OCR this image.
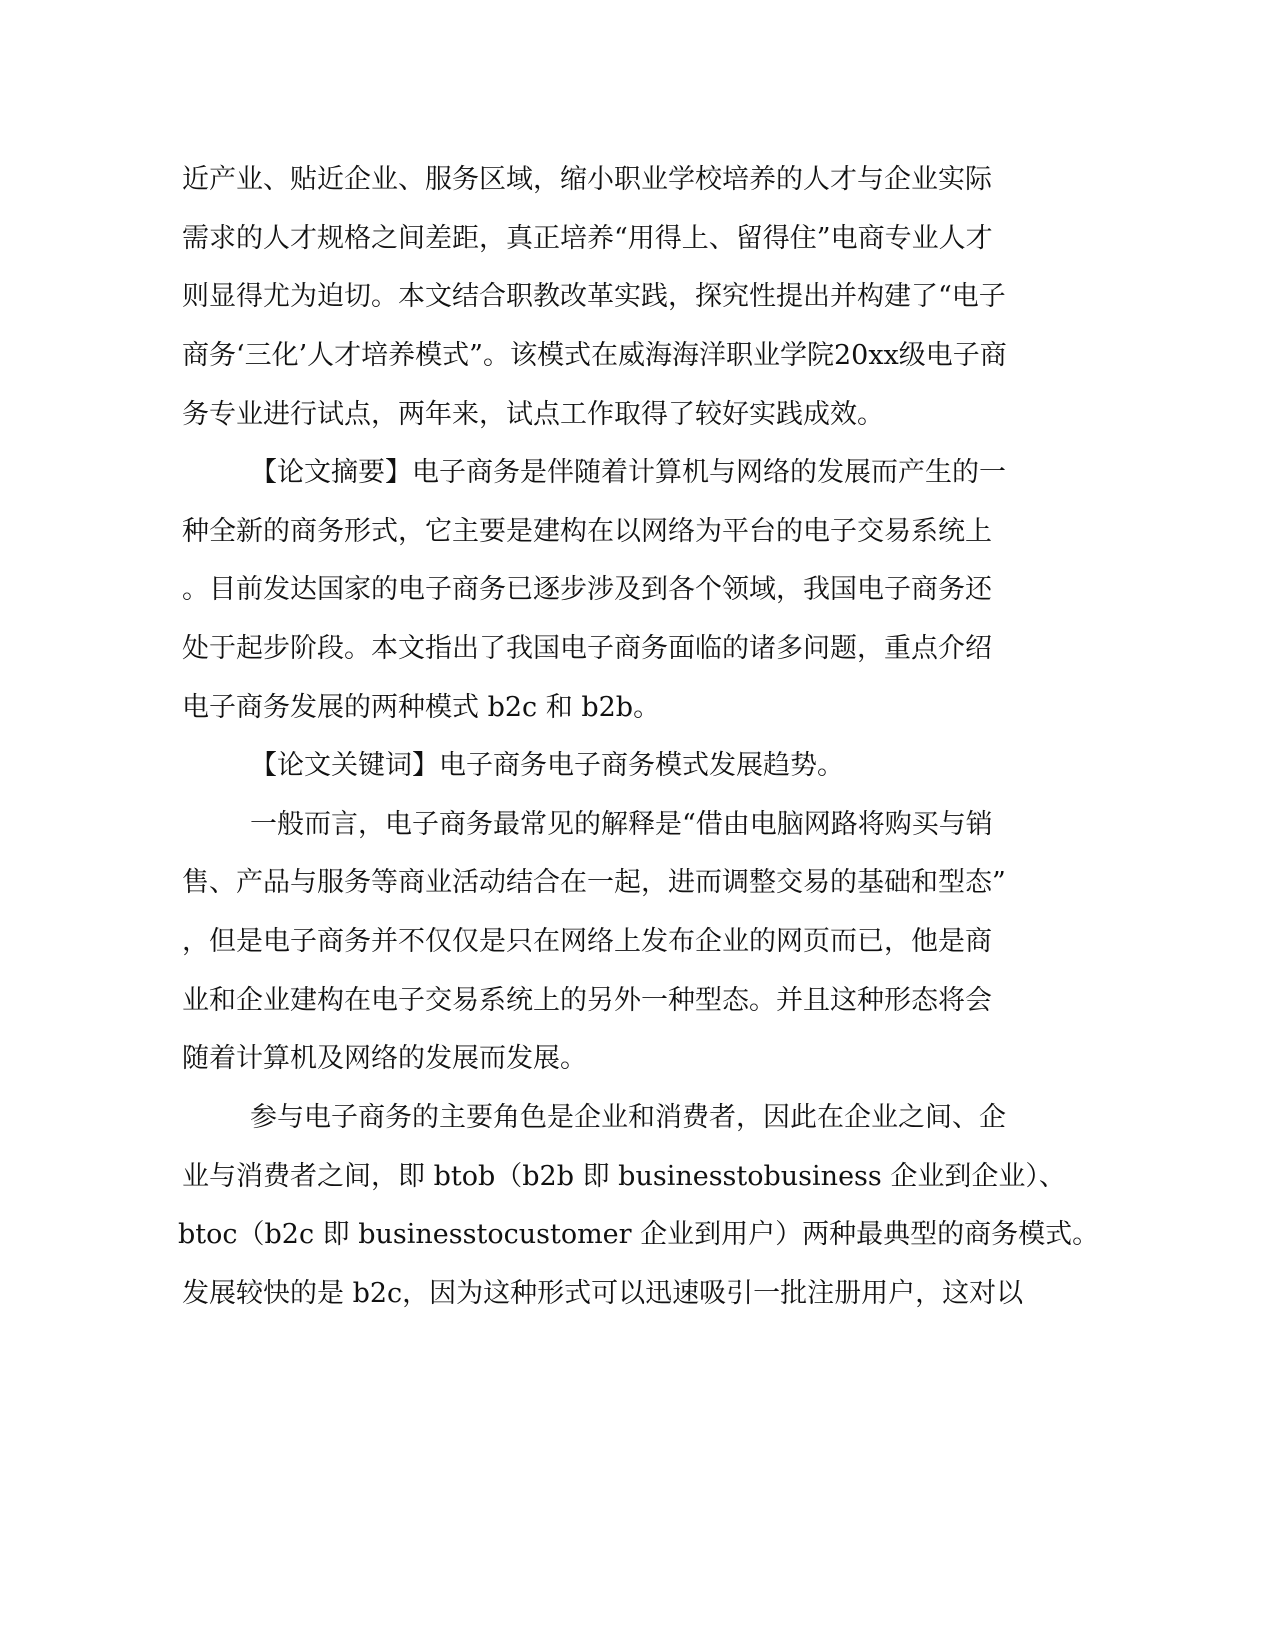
近产业、贴近企业、服务区域，缩小职业学校培养的人才与企业实际
需求的人才规格之间差距，真正培养“用得上、留得住”电商专业人才
则显得尤为迫切。本文结合职教改革实践，探究性提出并构建了“电子
商务‘三化’人才培养模式”。该模式在威海海洋职业学院20xx级电子商
务专业进行试点，两年来，试点工作取得了较好实践成效。
【论文摘要】电子商务是伴随着计算机与网络的发展而产生的一
种全新的商务形式，它主要是建构在以网络为平台的电子交易系统上
。目前发达国家的电子商务已逐步涉及到各个领域，我国电子商务还
处于起步阶段。本文指出了我国电子商务面临的诸多问题，重点介绍
电子商务发展的两种模式 b2c 和 b2b。
【论文关键词】电子商务电子商务模式发展趋势。
一般而言，电子商务最常见的解释是“借由电脑网路将购买与销
售、产品与服务等商业活动结合在一起，进而调整交易的基础和型态”
，但是电子商务并不仅仅是只在网络上发布企业的网页而已，他是商
业和企业建构在电子交易系统上的另外一种型态。并且这种形态将会
随着计算机及网络的发展而发展。
参与电子商务的主要角色是企业和消费者，因此在企业之间、企
业与消费者之间，即 btob（b2b 即 businesstobusiness 企业到企业）、
btoc（b2c 即 businesstocustomer 企业到用户）两种最典型的商务模式。
发展较快的是 b2c，因为这种形式可以迅速吸引一批注册用户，这对以
